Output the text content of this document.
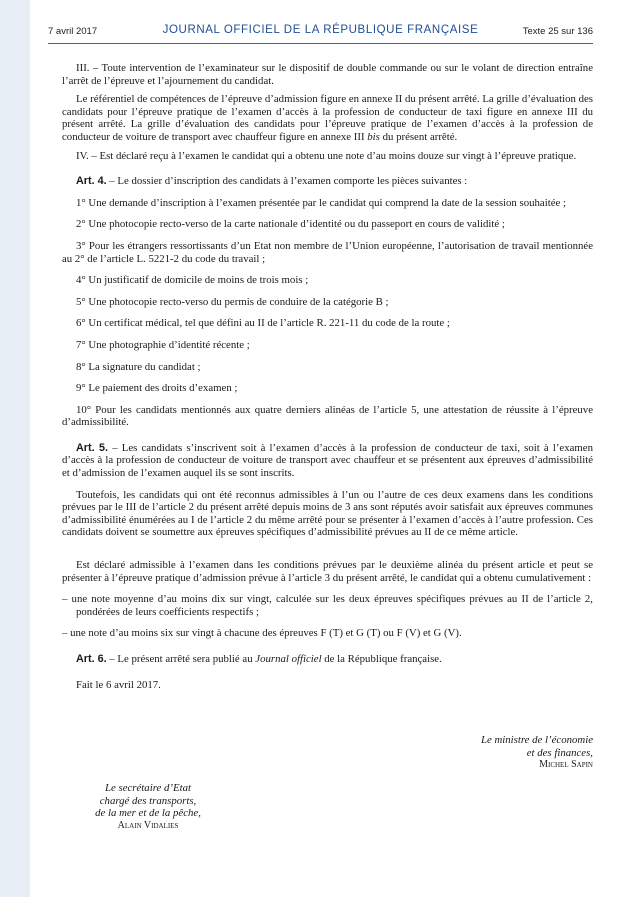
7 avril 2017	JOURNAL OFFICIEL DE LA RÉPUBLIQUE FRANÇAISE	Texte 25 sur 136

III. – Toute intervention de l’examinateur sur le dispositif de double commande ou sur le volant de direction entraîne l’arrêt de l’épreuve et l’ajournement du candidat.

Le référentiel de compétences de l’épreuve d’admission figure en annexe II du présent arrêté. La grille d’évaluation des candidats pour l’épreuve pratique de l’examen d’accès à la profession de conducteur de taxi figure en annexe III du présent arrêté. La grille d’évaluation des candidats pour l’épreuve pratique de l’examen d’accès à la profession de conducteur de voiture de transport avec chauffeur figure en annexe III bis du présent arrêté.

IV. – Est déclaré reçu à l’examen le candidat qui a obtenu une note d’au moins douze sur vingt à l’épreuve pratique.

Art. 4. – Le dossier d’inscription des candidats à l’examen comporte les pièces suivantes :

1° Une demande d’inscription à l’examen présentée par le candidat qui comprend la date de la session souhaitée ;

2° Une photocopie recto-verso de la carte nationale d’identité ou du passeport en cours de validité ;

3° Pour les étrangers ressortissants d’un Etat non membre de l’Union européenne, l’autorisation de travail mentionnée au 2° de l’article L. 5221-2 du code du travail ;

4° Un justificatif de domicile de moins de trois mois ;

5° Une photocopie recto-verso du permis de conduire de la catégorie B ;

6° Un certificat médical, tel que défini au II de l’article R. 221-11 du code de la route ;

7° Une photographie d’identité récente ;

8° La signature du candidat ;

9° Le paiement des droits d’examen ;

10° Pour les candidats mentionnés aux quatre derniers alinéas de l’article 5, une attestation de réussite à l’épreuve d’admissibilité.

Art. 5. – Les candidats s’inscrivent soit à l’examen d’accès à la profession de conducteur de taxi, soit à l’examen d’accès à la profession de conducteur de voiture de transport avec chauffeur et se présentent aux épreuves d’admissibilité et d’admission de l’examen auquel ils se sont inscrits.

Toutefois, les candidats qui ont été reconnus admissibles à l’un ou l’autre de ces deux examens dans les conditions prévues par le III de l’article 2 du présent arrêté depuis moins de 3 ans sont réputés avoir satisfait aux épreuves communes d’admissibilité énumérées au I de l’article 2 du même arrêté pour se présenter à l’examen d’accès à l’autre profession. Ces candidats doivent se soumettre aux épreuves spécifiques d’admissibilité prévues au II de ce même article.

Est déclaré admissible à l’examen dans les conditions prévues par le deuxième alinéa du présent article et peut se présenter à l’épreuve pratique d’admission prévue à l’article 3 du présent arrêté, le candidat qui a obtenu cumulativement :

– une note moyenne d’au moins dix sur vingt, calculée sur les deux épreuves spécifiques prévues au II de l’article 2, pondérées de leurs coefficients respectifs ;

– une note d’au moins six sur vingt à chacune des épreuves F (T) et G (T) ou F (V) et G (V).

Art. 6. – Le présent arrêté sera publié au Journal officiel de la République française.

Fait le 6 avril 2017.

Le ministre de l’économie
et des finances,
Michel Sapin
Le secrétaire d’Etat
chargé des transports,
de la mer et de la pêche,
Alain Vidalies
